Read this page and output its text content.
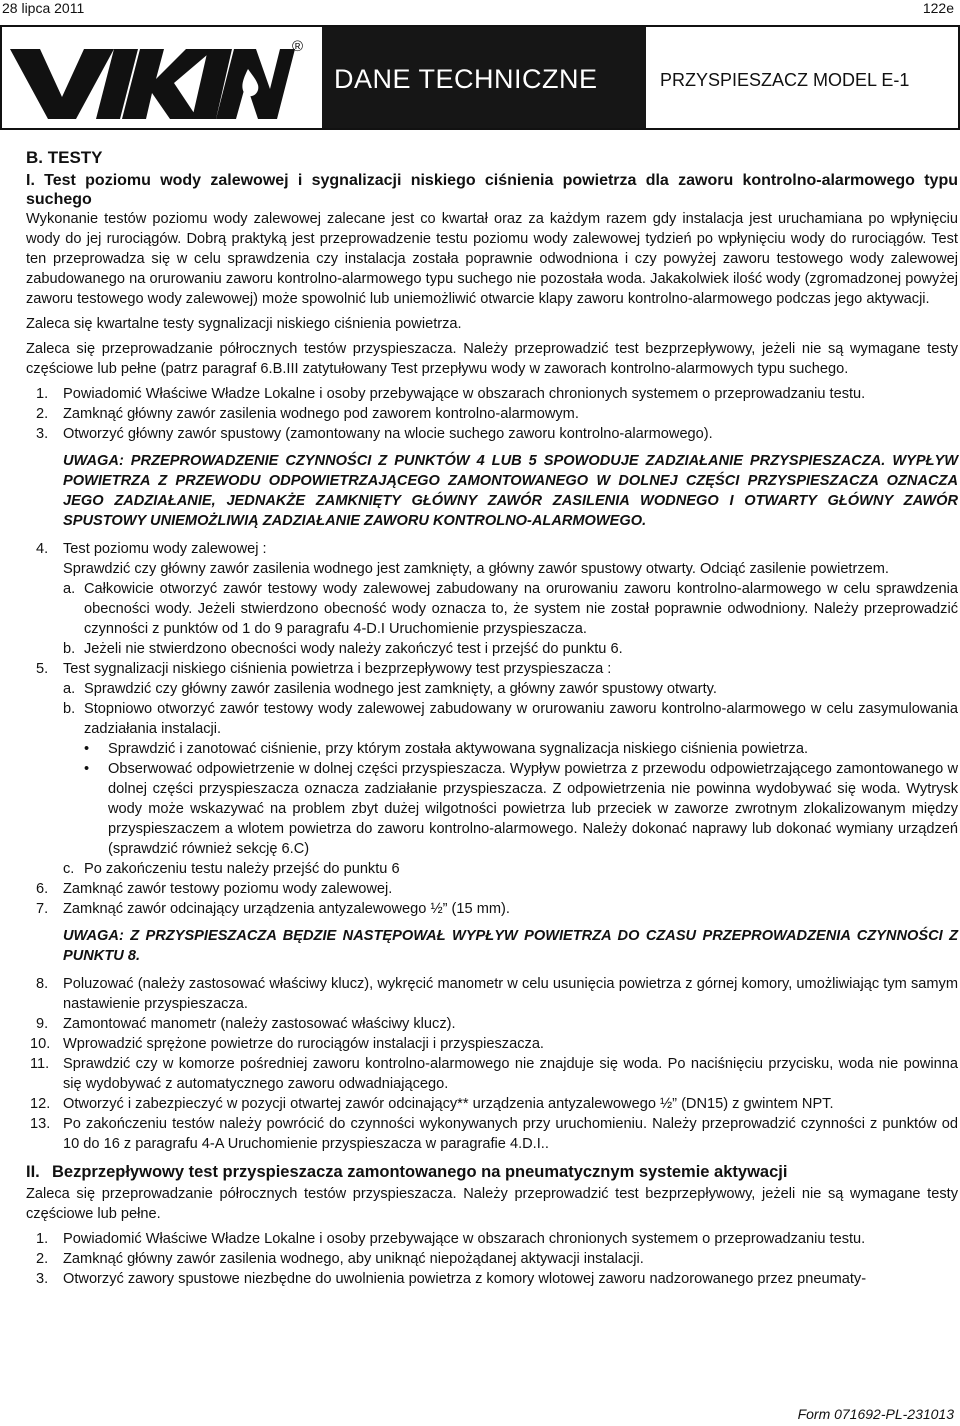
28 lipca 2011	122e
®
DANE TECHNICZNE	PRZYSPIESZACZ MODEL E-1
B. TESTY
I. Test poziomu wody zalewowej i sygnalizacji niskiego ciśnienia powietrza dla zaworu kontrolno-alarmowego typu suchego

Wykonanie testów poziomu wody zalewowej zalecane jest co kwartał oraz za każdym razem gdy instalacja jest uruchamiana po wpłynięciu wody do jej rurociągów. Dobrą praktyką jest przeprowadzenie testu poziomu wody zalewowej tydzień po wpłynięciu wody do rurociągów. Test ten przeprowadza się w celu sprawdzenia czy instalacja została poprawnie odwodniona i czy powyżej zaworu testowego wody zalewowej zabudowanego na orurowaniu zaworu kontrolno-alarmowego typu suchego nie pozostała woda. Jakakolwiek ilość wody (zgromadzonej powyżej zaworu testowego wody zalewowej) może spowolnić lub uniemożliwić otwarcie klapy zaworu kontrolno-alarmowego podczas jego aktywacji.

Zaleca się kwartalne testy sygnalizacji niskiego ciśnienia powietrza.

Zaleca się przeprowadzanie półrocznych testów przyspieszacza. Należy przeprowadzić test bezprzepływowy, jeżeli nie są wymagane testy częściowe lub pełne (patrz paragraf 6.B.III zatytułowany Test przepływu wody w zaworach kontrolno-alarmowych typu suchego.

1. Powiadomić Właściwe Władze Lokalne i osoby przebywające w obszarach chronionych systemem o przeprowadzaniu testu.
2. Zamknąć główny zawór zasilenia wodnego pod zaworem kontrolno-alarmowym.
3. Otworzyć główny zawór spustowy (zamontowany na wlocie suchego zaworu kontrolno-alarmowego).
UWAGA: PRZEPROWADZENIE CZYNNOŚCI Z PUNKTÓW 4 LUB 5 SPOWODUJE ZADZIAŁANIE PRZYSPIESZACZA. WYPŁYW POWIETRZA Z PRZEWODU ODPOWIETRZAJĄCEGO ZAMONTOWANEGO W DOLNEJ CZĘŚCI PRZYSPIESZACZA OZNACZA JEGO ZADZIAŁANIE, JEDNAKŻE ZAMKNIĘTY GŁÓWNY ZAWÓR ZASILENIA WODNEGO I OTWARTY GŁÓWNY ZAWÓR SPUSTOWY UNIEMOŻLIWIĄ ZADZIAŁANIE ZAWORU KONTROLNO-ALARMOWEGO.
4. Test poziomu wody zalewowej :
Sprawdzić czy główny zawór zasilenia wodnego jest zamknięty, a główny zawór spustowy otwarty. Odciąć zasilenie powietrzem.
a. Całkowicie otworzyć zawór testowy wody zalewowej zabudowany na orurowaniu zaworu kontrolno-alarmowego w celu sprawdzenia obecności wody. Jeżeli stwierdzono obecność wody oznacza to, że system nie został poprawnie odwodniony. Należy przeprowadzić czynności z punktów od 1 do 9 paragrafu 4-D.I Uruchomienie przyspieszacza.
b. Jeżeli nie stwierdzono obecności wody należy zakończyć test i przejść do punktu 6.
5. Test sygnalizacji niskiego ciśnienia powietrza i bezprzepływowy test przyspieszacza :
a. Sprawdzić czy główny zawór zasilenia wodnego jest zamknięty, a główny zawór spustowy otwarty.
b. Stopniowo otworzyć zawór testowy wody zalewowej zabudowany w orurowaniu zaworu kontrolno-alarmowego w celu zasymulowania zadziałania instalacji.
• Sprawdzić i zanotować ciśnienie, przy którym została aktywowana sygnalizacja niskiego ciśnienia powietrza.
• Obserwować odpowietrzenie w dolnej części przyspieszacza. Wypływ powietrza z przewodu odpowietrzającego zamontowanego w dolnej części przyspieszacza oznacza zadziałanie przyspieszacza. Z odpowietrzenia nie powinna wydobywać się woda. Wytrysk wody może wskazywać na problem zbyt dużej wilgotności powietrza lub przeciek w zaworze zwrotnym zlokalizowanym między przyspieszaczem a wlotem powietrza do zaworu kontrolno-alarmowego. Należy dokonać naprawy lub dokonać wymiany urządzeń (sprawdzić również sekcję 6.C)
c. Po zakończeniu testu należy przejść do punktu 6
6. Zamknąć zawór testowy poziomu wody zalewowej.
7. Zamknąć zawór odcinający urządzenia antyzalewowego ½” (15 mm).
UWAGA: Z PRZYSPIESZACZA BĘDZIE NASTĘPOWAŁ WYPŁYW POWIETRZA DO CZASU PRZEPROWADZENIA CZYNNOŚCI Z PUNKTU 8.
8. Poluzować (należy zastosować właściwy klucz), wykręcić manometr w celu usunięcia powietrza z górnej komory, umożliwiając tym samym nastawienie przyspieszacza.
9. Zamontować manometr (należy zastosować właściwy klucz).
10. Wprowadzić sprężone powietrze do rurociągów instalacji i przyspieszacza.
11. Sprawdzić czy w komorze pośredniej zaworu kontrolno-alarmowego nie znajduje się woda. Po naciśnięciu przycisku, woda nie powinna się wydobywać z automatycznego zaworu odwadniającego.
12. Otworzyć i zabezpieczyć w pozycji otwartej zawór odcinający** urządzenia antyzalewowego ½” (DN15) z gwintem NPT.
13. Po zakończeniu testów należy powrócić do czynności wykonywanych przy uruchomieniu. Należy przeprowadzić czynności z punktów od 10 do 16 z paragrafu 4-A Uruchomienie przyspieszacza w paragrafie 4.D.I..
II. Bezprzepływowy test przyspieszacza zamontowanego na pneumatycznym systemie aktywacji

Zaleca się przeprowadzanie półrocznych testów przyspieszacza. Należy przeprowadzić test bezprzepływowy, jeżeli nie są wymagane testy częściowe lub pełne.

1. Powiadomić Właściwe Władze Lokalne i osoby przebywające w obszarach chronionych systemem o przeprowadzaniu testu.
2. Zamknąć główny zawór zasilenia wodnego, aby uniknąć niepożądanej aktywacji instalacji.
3. Otworzyć zawory spustowe niezbędne do uwolnienia powietrza z komory wlotowej zaworu nadzorowanego przez pneumaty-
Form 071692-PL-231013
